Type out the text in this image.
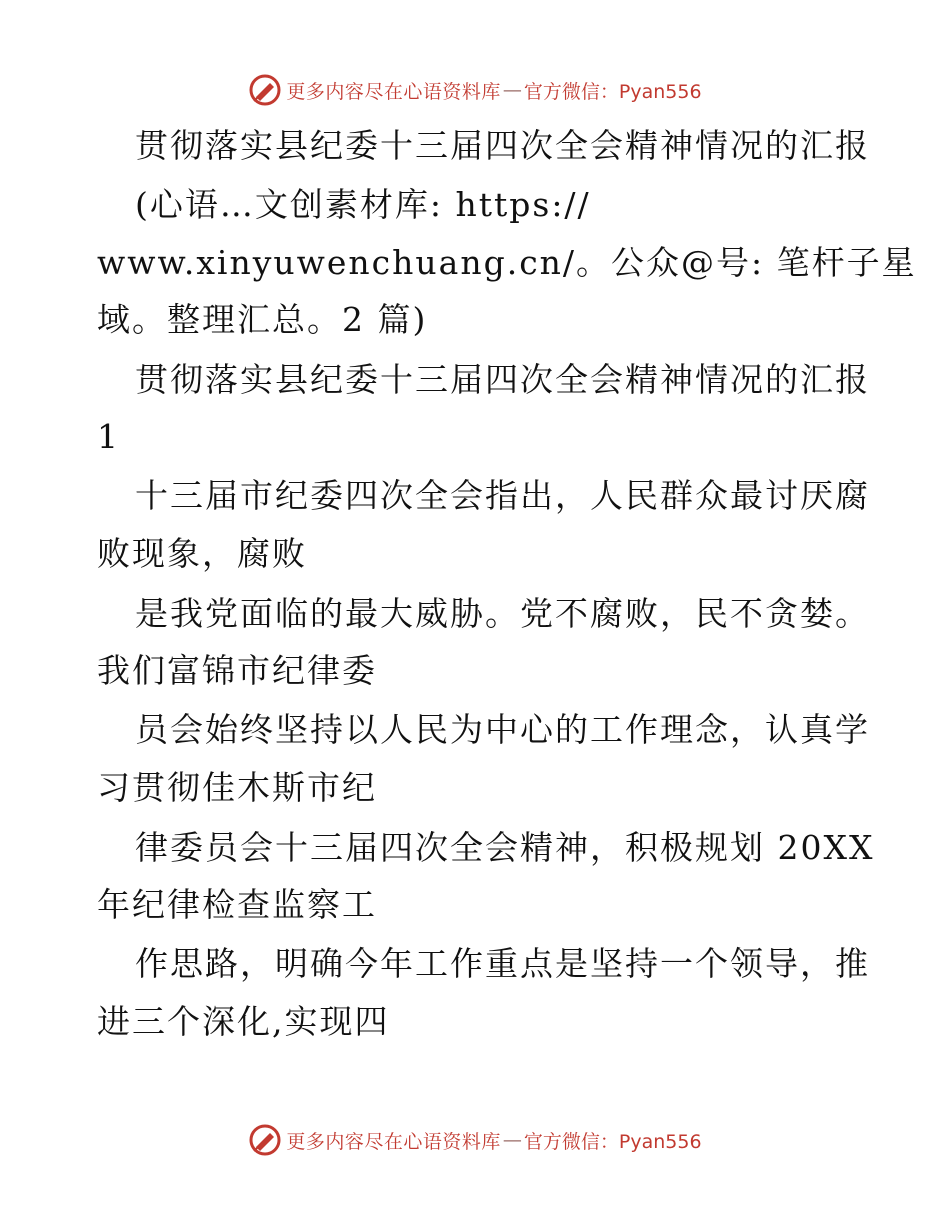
更多内容尽在心语资料库 — 官方微信：Pyan556
贯彻落实县纪委十三届四次全会精神情况的汇报
(心语…文创素材库: https://
www.xinyuwenchuang.cn/。公众@号: 笔杆子星
域。整理汇总。2 篇)
贯彻落实县纪委十三届四次全会精神情况的汇报
1
十三届市纪委四次全会指出，人民群众最讨厌腐
败现象，腐败
是我党面临的最大威胁。党不腐败，民不贪婪。
我们富锦市纪律委
员会始终坚持以人民为中心的工作理念，认真学
习贯彻佳木斯市纪
律委员会十三届四次全会精神，积极规划 20XX
年纪律检查监察工
作思路，明确今年工作重点是坚持一个领导，推
进三个深化,实现四
更多内容尽在心语资料库 — 官方微信：Pyan556
